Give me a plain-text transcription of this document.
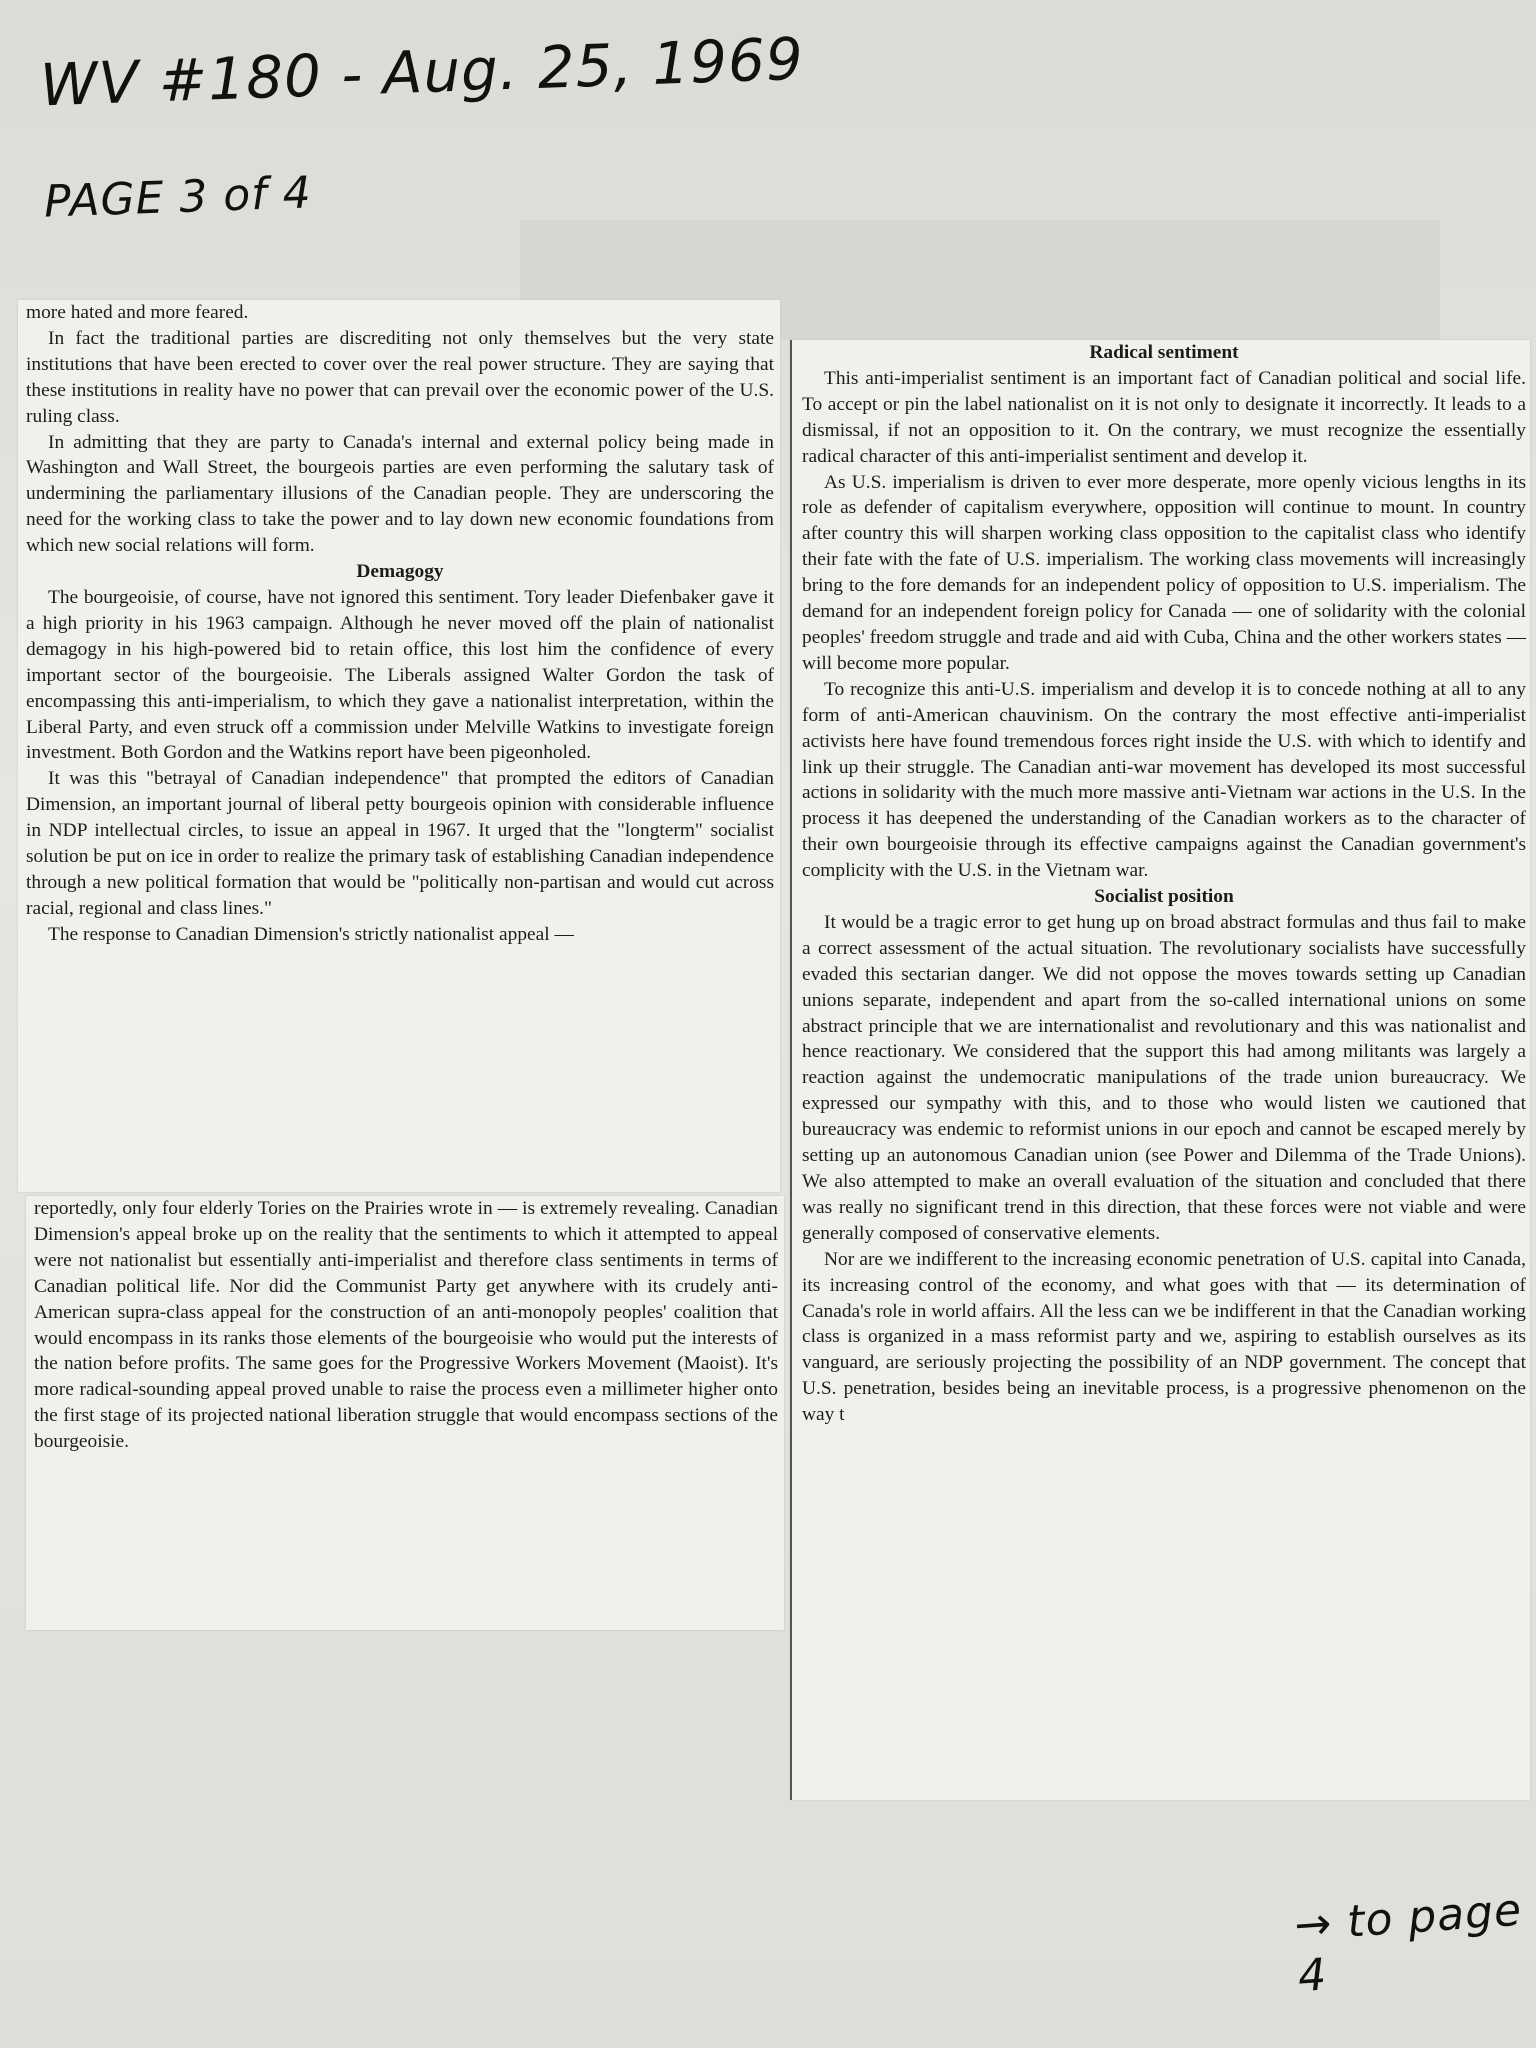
WV #180 - Aug. 25, 1969
PAGE 3 of 4

more hated and more feared.

In fact the traditional parties are discrediting not only themselves but the very state institutions that have been erected to cover over the real power structure. They are saying that these institutions in reality have no power that can prevail over the economic power of the U.S. ruling class.

In admitting that they are party to Canada's internal and external policy being made in Washington and Wall Street, the bourgeois parties are even performing the salutary task of undermining the parliamentary illusions of the Canadian people. They are underscoring the need for the working class to take the power and to lay down new economic foundations from which new social relations will form.

Demagogy

The bourgeoisie, of course, have not ignored this sentiment. Tory leader Diefenbaker gave it a high priority in his 1963 campaign. Although he never moved off the plain of nationalist demagogy in his high-powered bid to retain office, this lost him the confidence of every important sector of the bourgeoisie. The Liberals assigned Walter Gordon the task of encompassing this anti-imperialism, to which they gave a nationalist interpretation, within the Liberal Party, and even struck off a commission under Melville Watkins to investigate foreign investment. Both Gordon and the Watkins report have been pigeonholed.

It was this "betrayal of Canadian independence" that prompted the editors of Canadian Dimension, an important journal of liberal petty bourgeois opinion with considerable influence in NDP intellectual circles, to issue an appeal in 1967. It urged that the "longterm" socialist solution be put on ice in order to realize the primary task of establishing Canadian independence through a new political formation that would be "politically non-partisan and would cut across racial, regional and class lines."

The response to Canadian Dimension's strictly nationalist appeal —

reportedly, only four elderly Tories on the Prairies wrote in — is extremely revealing. Canadian Dimension's appeal broke up on the reality that the sentiments to which it attempted to appeal were not nationalist but essentially anti-imperialist and therefore class sentiments in terms of Canadian political life. Nor did the Communist Party get anywhere with its crudely anti-American supra-class appeal for the construction of an anti-monopoly peoples' coalition that would encompass in its ranks those elements of the bourgeoisie who would put the interests of the nation before profits. The same goes for the Progressive Workers Movement (Maoist). It's more radical-sounding appeal proved unable to raise the process even a millimeter higher onto the first stage of its projected national liberation struggle that would encompass sections of the bourgeoisie.

Radical sentiment

This anti-imperialist sentiment is an important fact of Canadian political and social life. To accept or pin the label nationalist on it is not only to designate it incorrectly. It leads to a dismissal, if not an opposition to it. On the contrary, we must recognize the essentially radical character of this anti-imperialist sentiment and develop it.

As U.S. imperialism is driven to ever more desperate, more openly vicious lengths in its role as defender of capitalism everywhere, opposition will continue to mount. In country after country this will sharpen working class opposition to the capitalist class who identify their fate with the fate of U.S. imperialism. The working class movements will increasingly bring to the fore demands for an independent policy of opposition to U.S. imperialism. The demand for an independent foreign policy for Canada — one of solidarity with the colonial peoples' freedom struggle and trade and aid with Cuba, China and the other workers states — will become more popular.

To recognize this anti-U.S. imperialism and develop it is to concede nothing at all to any form of anti-American chauvinism. On the contrary the most effective anti-imperialist activists here have found tremendous forces right inside the U.S. with which to identify and link up their struggle. The Canadian anti-war movement has developed its most successful actions in solidarity with the much more massive anti-Vietnam war actions in the U.S. In the process it has deepened the understanding of the Canadian workers as to the character of their own bourgeoisie through its effective campaigns against the Canadian government's complicity with the U.S. in the Vietnam war.

Socialist position

It would be a tragic error to get hung up on broad abstract formulas and thus fail to make a correct assessment of the actual situation. The revolutionary socialists have successfully evaded this sectarian danger. We did not oppose the moves towards setting up Canadian unions separate, independent and apart from the so-called international unions on some abstract principle that we are internationalist and revolutionary and this was nationalist and hence reactionary. We considered that the support this had among militants was largely a reaction against the undemocratic manipulations of the trade union bureaucracy. We expressed our sympathy with this, and to those who would listen we cautioned that bureaucracy was endemic to reformist unions in our epoch and cannot be escaped merely by setting up an autonomous Canadian union (see Power and Dilemma of the Trade Unions). We also attempted to make an overall evaluation of the situation and concluded that there was really no significant trend in this direction, that these forces were not viable and were generally composed of conservative elements.

Nor are we indifferent to the increasing economic penetration of U.S. capital into Canada, its increasing control of the economy, and what goes with that — its determination of Canada's role in world affairs. All the less can we be indifferent in that the Canadian working class is organized in a mass reformist party and we, aspiring to establish ourselves as its vanguard, are seriously projecting the possibility of an NDP government. The concept that U.S. penetration, besides being an inevitable process, is a progressive phenomenon on the way t

→ to page 4
